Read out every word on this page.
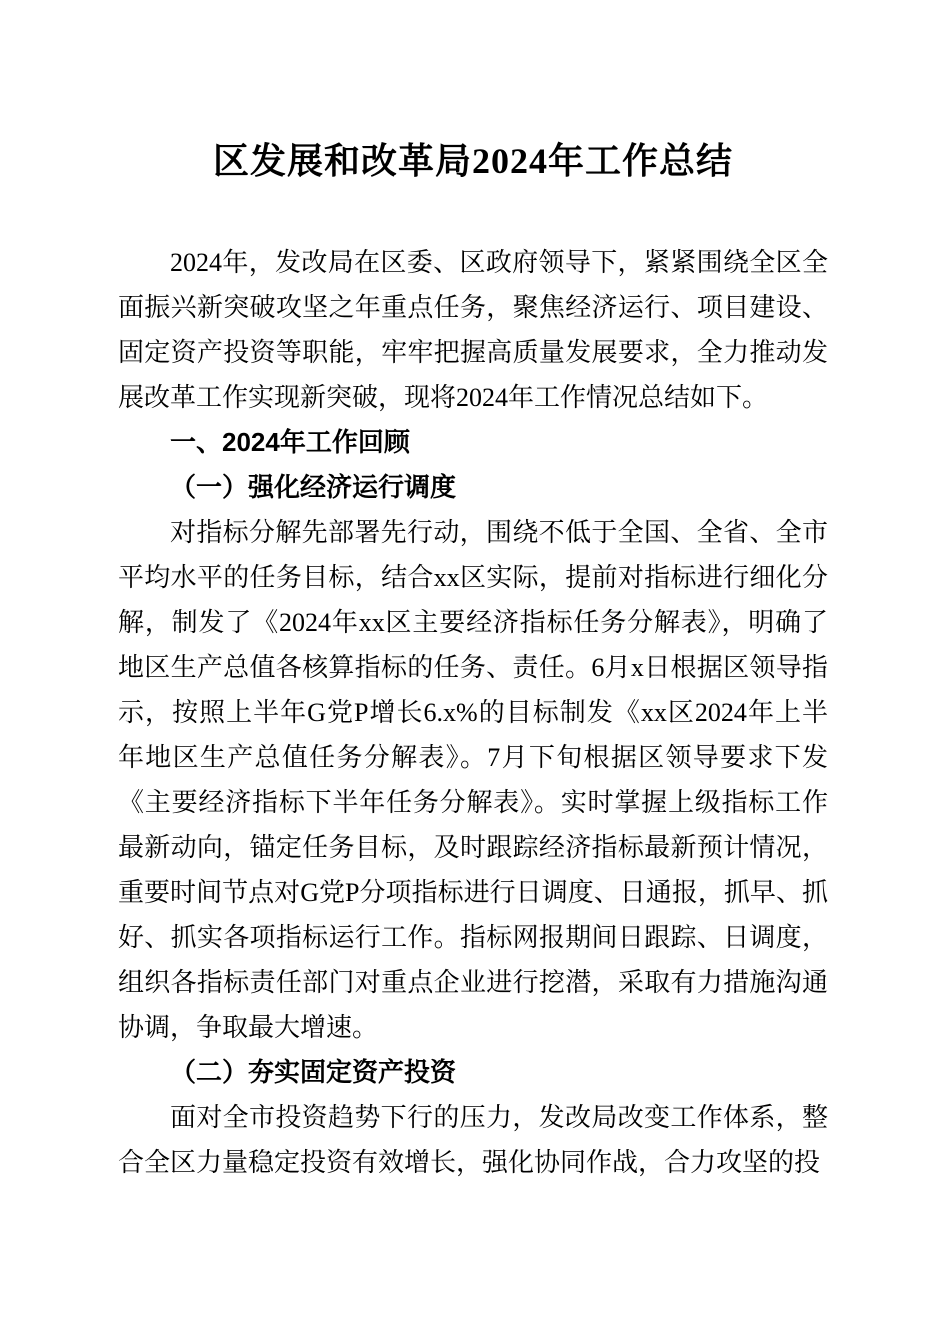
区发展和改革局2024年工作总结

2024年，发改局在区委、区政府领导下，紧紧围绕全区全面振兴新突破攻坚之年重点任务，聚焦经济运行、项目建设、固定资产投资等职能，牢牢把握高质量发展要求，全力推动发展改革工作实现新突破，现将2024年工作情况总结如下。

一、2024年工作回顾

（一）强化经济运行调度

对指标分解先部署先行动，围绕不低于全国、全省、全市平均水平的任务目标，结合xx区实际，提前对指标进行细化分解，制发了《2024年xx区主要经济指标任务分解表》，明确了地区生产总值各核算指标的任务、责任。6月x日根据区领导指示，按照上半年G党P增长6.x%的目标制发《xx区2024年上半年地区生产总值任务分解表》。7月下旬根据区领导要求下发《主要经济指标下半年任务分解表》。实时掌握上级指标工作最新动向，锚定任务目标，及时跟踪经济指标最新预计情况，重要时间节点对G党P分项指标进行日调度、日通报，抓早、抓好、抓实各项指标运行工作。指标网报期间日跟踪、日调度，组织各指标责任部门对重点企业进行挖潜，采取有力措施沟通协调，争取最大增速。

（二）夯实固定资产投资

面对全市投资趋势下行的压力，发改局改变工作体系，整合全区力量稳定投资有效增长，强化协同作战，合力攻坚的投
